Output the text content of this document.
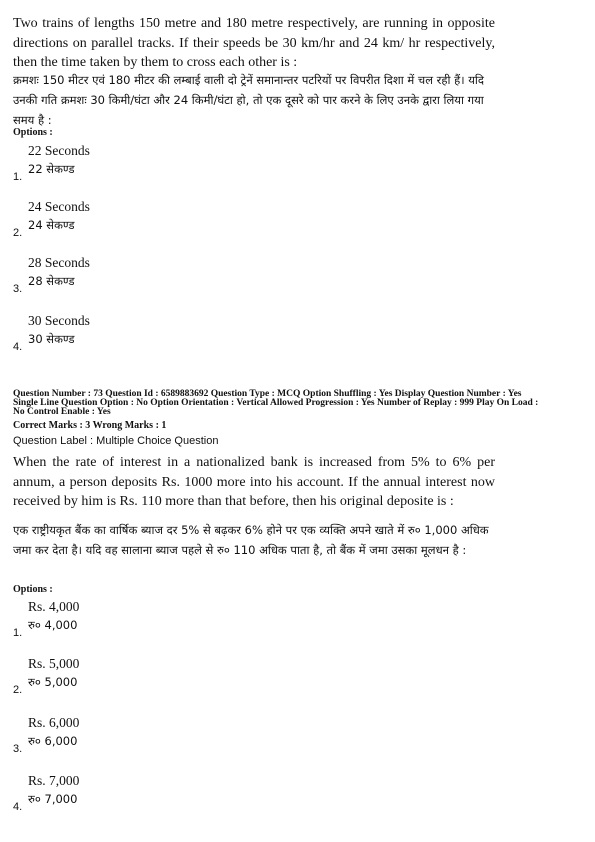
Two trains of lengths 150 metre and 180 metre respectively, are running in opposite directions on parallel tracks. If their speeds be 30 km/hr and 24 km/ hr respectively, then the time taken by them to cross each other is :
क्रमशः 150 मीटर एवं 180 मीटर की लम्बाई वाली दो ट्रेनें समानान्तर पटरियों पर विपरीत दिशा में चल रही हैं। यदि उनकी गति क्रमशः 30 किमी/घंटा और 24 किमी/घंटा हो, तो एक दूसरे को पार करने के लिए उनके द्वारा लिया गया समय है :
Options :
22 Seconds
1.
22 सेकण्ड
24 Seconds
2.
24 सेकण्ड
28 Seconds
3.
28 सेकण्ड
30 Seconds
4.
30 सेकण्ड
Question Number : 73 Question Id : 6589883692 Question Type : MCQ Option Shuffling : Yes Display Question Number : Yes
Single Line Question Option : No Option Orientation : Vertical Allowed Progression : Yes Number of Replay : 999 Play On Load :
No Control Enable : Yes
Correct Marks : 3 Wrong Marks : 1
Question Label : Multiple Choice Question
When the rate of interest in a nationalized bank is increased from 5% to 6% per annum, a person deposits Rs. 1000 more into his account. If the annual interest now received by him is Rs. 110 more than that before, then his original deposite is :
एक राष्ट्रीयकृत बैंक का वार्षिक ब्याज दर 5% से बढ़कर 6% होने पर एक व्यक्ति अपने खाते में रु० 1,000 अधिक जमा कर देता है। यदि वह सालाना ब्याज पहले से रु० 110 अधिक पाता है, तो बैंक में जमा उसका मूलधन है :
Options :
Rs. 4,000
1.
रु० 4,000
Rs. 5,000
2.
रु० 5,000
Rs. 6,000
3.
रु० 6,000
Rs. 7,000
4.
रु० 7,000
